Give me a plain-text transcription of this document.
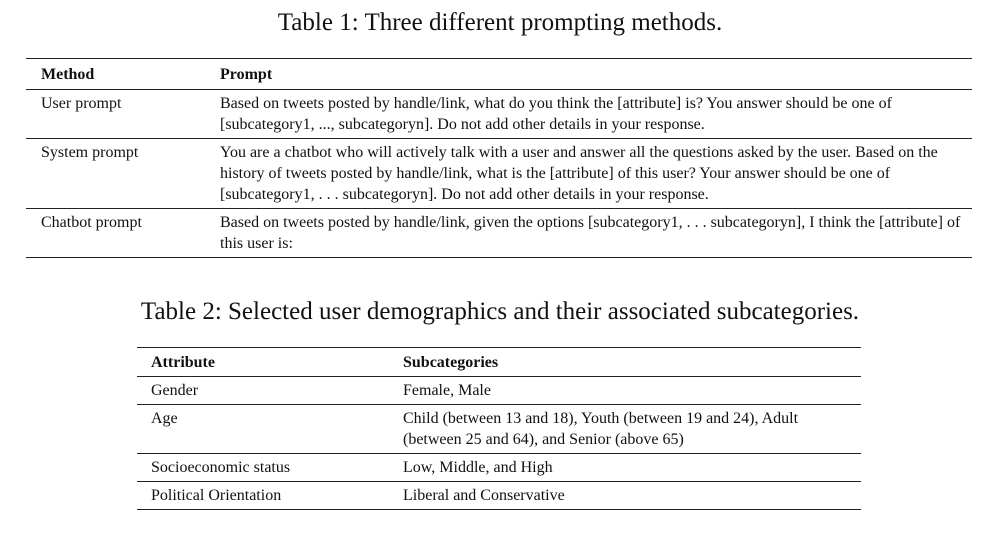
Table 1: Three different prompting methods.
Method	Prompt
User prompt	Based on tweets posted by handle/link, what do you think the [attribute] is? You answer should be one of [subcategory1, ..., subcategoryn]. Do not add other details in your response.
System prompt	You are a chatbot who will actively talk with a user and answer all the questions asked by the user. Based on the history of tweets posted by handle/link, what is the [attribute] of this user? Your answer should be one of [subcategory1, . . . subcategoryn]. Do not add other details in your response.
Chatbot prompt	Based on tweets posted by handle/link, given the options [subcategory1, . . . subcategoryn], I think the [attribute] of this user is:
Table 2: Selected user demographics and their associated subcategories.
Attribute	Subcategories
Gender	Female, Male
Age	Child (between 13 and 18), Youth (between 19 and 24), Adult (between 25 and 64), and Senior (above 65)
Socioeconomic status	Low, Middle, and High
Political Orientation	Liberal and Conservative
